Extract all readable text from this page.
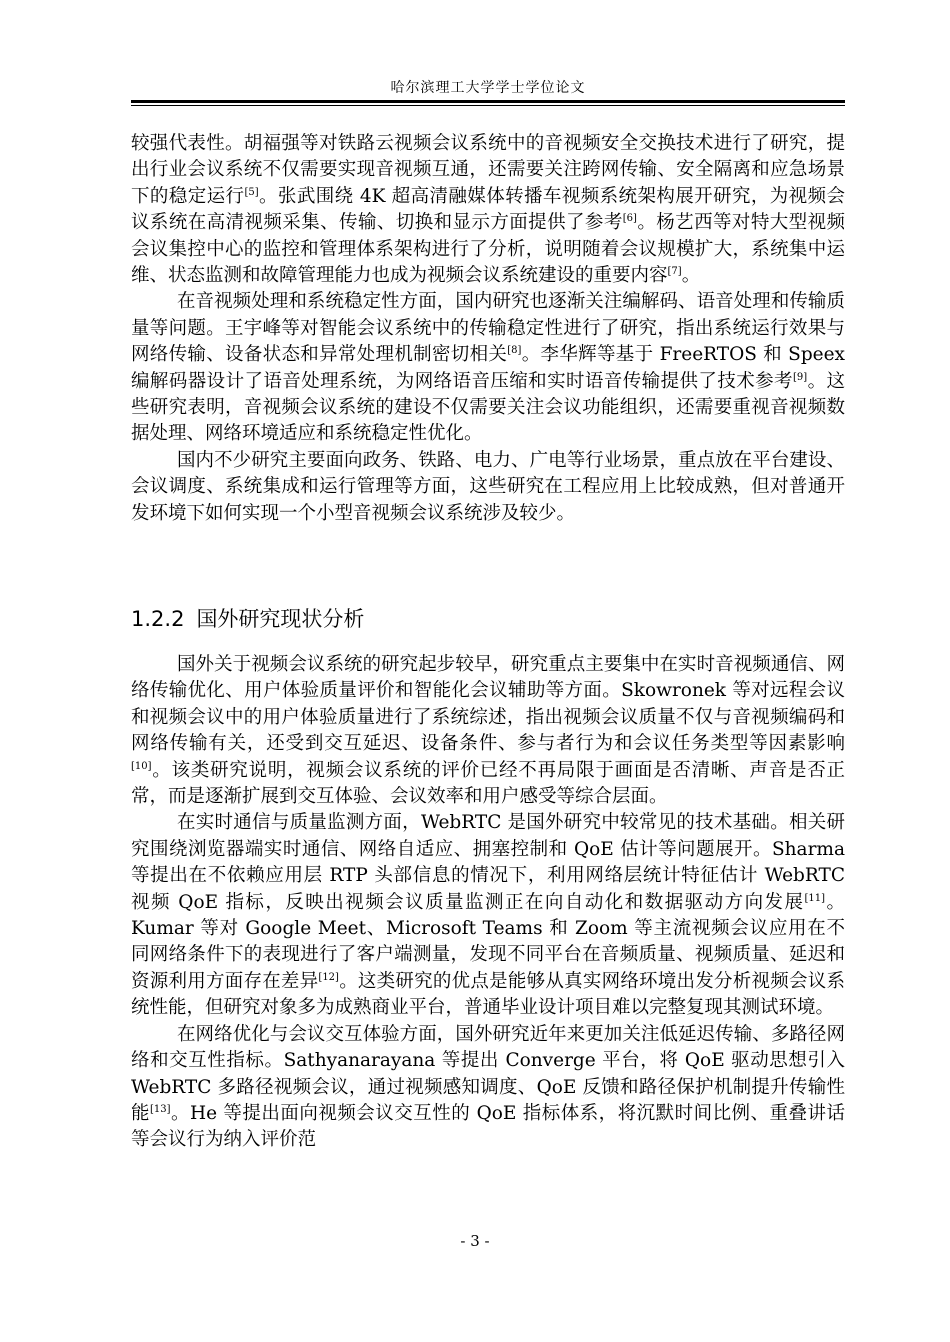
哈尔滨理工大学学士学位论文

较强代表性。胡福强等对铁路云视频会议系统中的音视频安全交换技术进行了研究，提出行业会议系统不仅需要实现音视频互通，还需要关注跨网传输、安全隔离和应急场景下的稳定运行[5]。张武围绕 4K 超高清融媒体转播车视频系统架构展开研究，为视频会议系统在高清视频采集、传输、切换和显示方面提供了参考[6]。杨艺西等对特大型视频会议集控中心的监控和管理体系架构进行了分析，说明随着会议规模扩大，系统集中运维、状态监测和故障管理能力也成为视频会议系统建设的重要内容[7]。

在音视频处理和系统稳定性方面，国内研究也逐渐关注编解码、语音处理和传输质量等问题。王宇峰等对智能会议系统中的传输稳定性进行了研究，指出系统运行效果与网络传输、设备状态和异常处理机制密切相关[8]。李华辉等基于 FreeRTOS 和 Speex 编解码器设计了语音处理系统，为网络语音压缩和实时语音传输提供了技术参考[9]。这些研究表明，音视频会议系统的建设不仅需要关注会议功能组织，还需要重视音视频数据处理、网络环境适应和系统稳定性优化。

国内不少研究主要面向政务、铁路、电力、广电等行业场景，重点放在平台建设、会议调度、系统集成和运行管理等方面，这些研究在工程应用上比较成熟，但对普通开发环境下如何实现一个小型音视频会议系统涉及较少。

1.2.2 国外研究现状分析

国外关于视频会议系统的研究起步较早，研究重点主要集中在实时音视频通信、网络传输优化、用户体验质量评价和智能化会议辅助等方面。Skowronek 等对远程会议和视频会议中的用户体验质量进行了系统综述，指出视频会议质量不仅与音视频编码和网络传输有关，还受到交互延迟、设备条件、参与者行为和会议任务类型等因素影响[10]。该类研究说明，视频会议系统的评价已经不再局限于画面是否清晰、声音是否正常，而是逐渐扩展到交互体验、会议效率和用户感受等综合层面。

在实时通信与质量监测方面，WebRTC 是国外研究中较常见的技术基础。相关研究围绕浏览器端实时通信、网络自适应、拥塞控制和 QoE 估计等问题展开。Sharma 等提出在不依赖应用层 RTP 头部信息的情况下，利用网络层统计特征估计 WebRTC 视频 QoE 指标，反映出视频会议质量监测正在向自动化和数据驱动方向发展[11]。Kumar 等对 Google Meet、Microsoft Teams 和 Zoom 等主流视频会议应用在不同网络条件下的表现进行了客户端测量，发现不同平台在音频质量、视频质量、延迟和资源利用方面存在差异[12]。这类研究的优点是能够从真实网络环境出发分析视频会议系统性能，但研究对象多为成熟商业平台，普通毕业设计项目难以完整复现其测试环境。

在网络优化与会议交互体验方面，国外研究近年来更加关注低延迟传输、多路径网络和交互性指标。Sathyanarayana 等提出 Converge 平台，将 QoE 驱动思想引入 WebRTC 多路径视频会议，通过视频感知调度、QoE 反馈和路径保护机制提升传输性能[13]。He 等提出面向视频会议交互性的 QoE 指标体系，将沉默时间比例、重叠讲话等会议行为纳入评价范

- 3 -
